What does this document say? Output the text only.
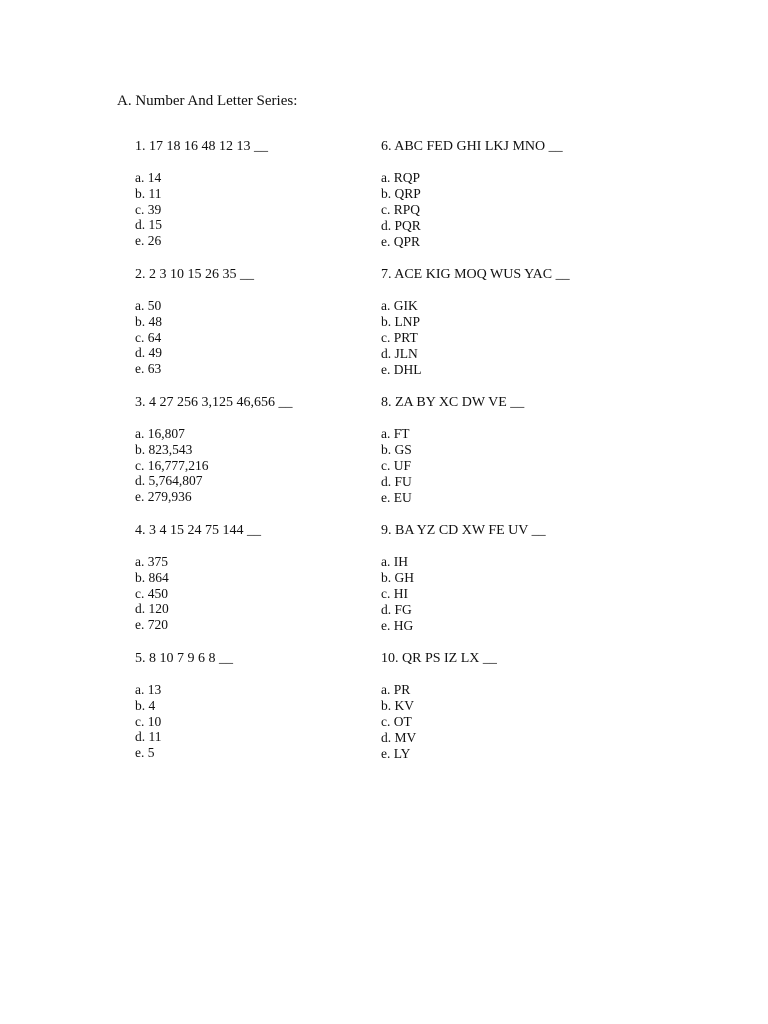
A. Number And Letter Series:
1. 17 18 16 48 12 13 __
a. 14
b. 11
c. 39
d. 15
e. 26
2. 2 3 10 15 26 35 __
a. 50
b. 48
c. 64
d. 49
e. 63
3. 4 27 256 3,125 46,656 __
a. 16,807
b. 823,543
c. 16,777,216
d. 5,764,807
e. 279,936
4. 3 4 15 24 75 144 __
a. 375
b. 864
c. 450
d. 120
e. 720
5. 8 10 7 9 6 8 __
a. 13
b. 4
c. 10
d. 11
e. 5
6. ABC FED GHI LKJ MNO __
a. RQP
b. QRP
c. RPQ
d. PQR
e. QPR
7. ACE KIG MOQ WUS YAC __
a. GIK
b. LNP
c. PRT
d. JLN
e. DHL
8. ZA BY XC DW VE __
a. FT
b. GS
c. UF
d. FU
e. EU
9. BA YZ CD XW FE UV __
a. IH
b. GH
c. HI
d. FG
e. HG
10. QR PS IZ LX __
a. PR
b. KV
c. OT
d. MV
e. LY
